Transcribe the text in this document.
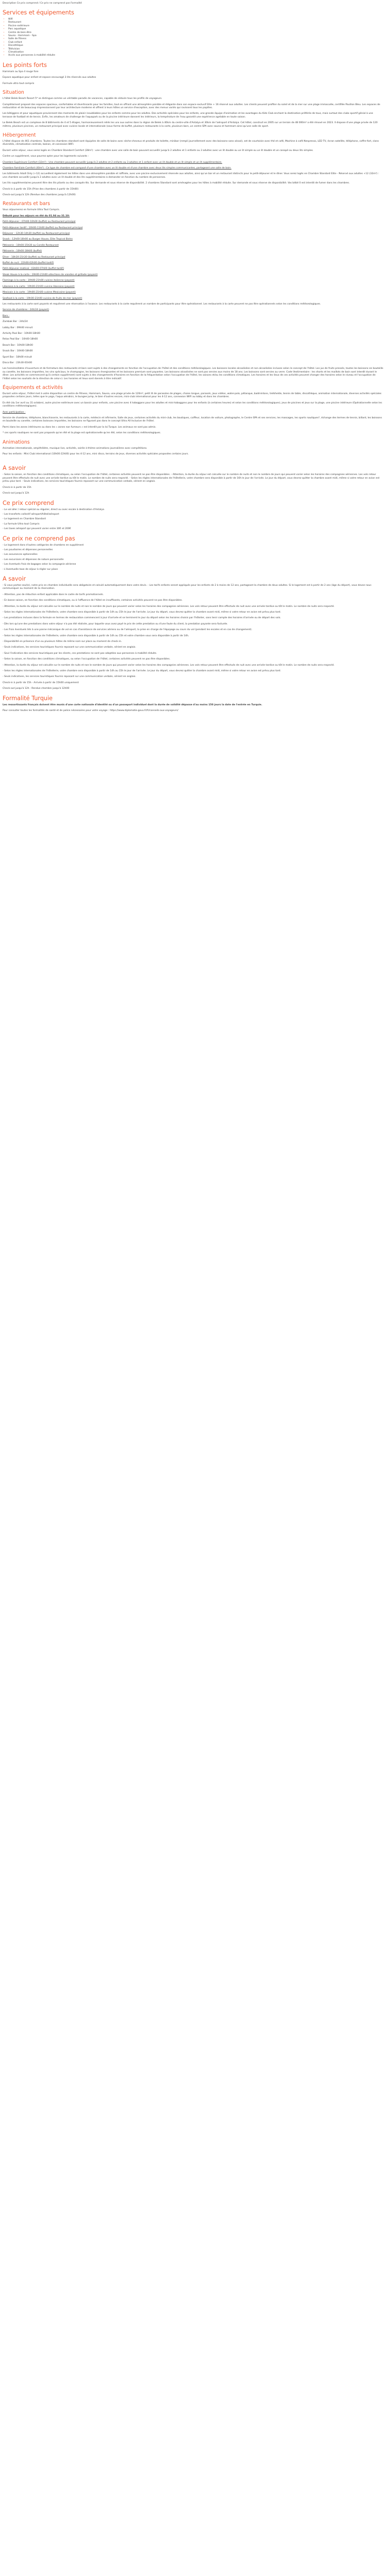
Description Ce prix comprend / Ce prix ne comprend pas Formalité
Services et équipements
• Wifi
• Restaurant
• Piscine extérieure
• Parc aquatique
• Centre de bien-être
• Sauna - Hammam - Spa
• Salle de fitness
• Club enfant
• Discothèque
• Télévision
• Climatisation
• Accès aux personnes à mobilité réduite
Les points forts

Hammam au Spa 4 rouge fore

Espace aquatique pour enfant et espace encouragé 3 lits réservés aux adultes

Formule ultra tout compris

Situation

L'hôtel Belek Beach Resort 5* se distingue comme un véritable paradis de vacances, capable de séduire tous les profils de voyageurs.

Complètement proposé des espaces spacieux, confortables et divertissants pour les familles, tout en offrant une atmosphère paisible et élégante dans son espace exclusif Elite + 16 réservé aux adultes. Les clients peuvent profiter du soleil et de la mer sur une plage immaculée, certifiée Pavillon Bleu. Les espaces de restauration et de beaucoup impressionnent par leur architecture moderne et offrent à leurs hôtes un service d'exception, avec des menus variés qui ravissent tous les papilles.

Les bâtiggens et pour aquatiques proviennent des moments de plaisir inoubliables pour les enfants comme pour les adultes. Des activités spéciales pour les enfants, une grande équipe d'animation et les avantages du Kids Club enchant la destination préférée de tous, mais surtout des clubs sportif génial à une terrasse de football et de tennis. Enfin, les amateurs de challenge de l'aquapark ou de la piscine intérieure dansent les intérieurs, la température de l'eau garantit une expérience agréable en toute saison.

Le Belek Beach est un complexe de 8 bâtiments de 4 et 5 étages, harmonieusement reliés les uns aux autres dans la région de Belek à 40km du centre-ville d'Antalya et 30km de l'aéroport d'Antalya. Cet hôtel, construit en 2005 sur un terrain de 48 000m² a été rénové en 2023. Il dispose d'une plage privée de 120 mètres, plusieurs piscines, un restaurant principal avec cuisine locale et internationale (sous forme de buffet, plusieurs restaurants à la carte, plusieurs bars, un centre SPA avec sauna et hammam ainsi qu'une salle de sport.

Hébergement

L'hôtel dispose de 461 chambres. Toutes les chambres standard sont équipées de salle de bains avec sèche-cheveux et produits de toilette, minibar (rempli journellement avec des boissons sans alcool), set de courtoisie avec thé et café, Machine à café Nespresso, LED TV, écran satellite, téléphone, coffre-fort, clans diversités, climatisation centrale, balcon, et connexion WIFI.

Durant votre séjour, vous serez logés en Chambre Standard Comfort (28m²) : une chambre avec une salle de bain pouvant accueillir jusqu'à 2 adultes et 1 enfants ou 3 adultes avec un lit double ou un lit simple ou un lit double et un canapé ou deux lits simples.

Contre un supplément, vous pourrez opter pour les logements suivants :

Chambre Supérieure Comfort (32m²) : Une chambre pouvant accueillir jusqu'à 2 adultes et 2 enfants ou 3 adultes et 1 enfant avec un lit double et un lit simple et un lit supplémentaire.

Chambre Familiale Comfort (40m²) : Ce type de chambre est composé d'une chambre avec un lit double et d'une chambre avec deux lits simples communicantes, partageant une salle de bain.

Les bâtiments Adult Only (+12) accueillent également les hôtes dans une atmosphère paisible et raffinée, avec une piscine exclusivement réservée aux adultes, ainsi qu'un bar et un restaurant distincts pour le petit-déjeuner et le dîner. Vous serez logés en Chambre Standard Elite - Réservé aux adultes +12 (32m²) : une chambre accueillir jusqu'à 2 adultes avec un lit double et des lits supplémentaires à demander en fonction du nombre de personnes.

Les lits supplémentaires peuvent être des lits pliants ou des canapés-lits. Sur demande et sous réserve de disponibilité. 2 chambres Standard sont aménagées pour les hôtes à mobilité réduite. Sur demande et sous réserve de disponibilité. Vos bébé 0 est interdit de fumer dans les chambres.

Check-in à partir de 15h (Prise des chambres à partir de 15h00)

Check-out jusqu'à 12h (Rendue des chambres jusqu'à 12h00)

Restaurants et bars

Vous séjournerez en formule Ultra Tout Compris.

Débuté pour les séjours en été du 01.04 au 31.10:

Petit-déjeuner : 07h00-10h00 (buffet) au Restaurant principal

Petit-déjeuner tardif : 10h00-11h00 (buffet) au Restaurant principal

Déjeuner : 12h30-14h30 (buffet) au Restaurant principal

Snack : 12h00-16h00 au Burger House, Elite Tropical Bistro

Pâtisserie : 10h00-15h30 au Corelle Restaurant

Pâtisserie : 10h00-18h00 (buffet)

Dîner : 18h30-21h30 (buffet) au Restaurant principal

Buffet de nuit : 22h00-02h00 (buffet tardif)

Petit-déjeuner matinal : 03h00-07h00 (buffet tardif)

Steak House à la carte : 19h00-21h00 sélections de viandes et grillade (payant)

Flamingo à la carte : 19h00-21h00 cuisine italienne (payant)

Libanese à la carte : 19h00-21h00 cuisine libanaise (payant)

Mexicain à la carte : 19h00-21h00 cuisine Mexicaine (payant)

Seafood à la carte : 19h00-21h00 cuisine de fruits de mer (payant)

Les restaurants à la carte sont payants et requièrent une réservation à l'avance. Les restaurants à la carte requièrent un nombre de participants pour être opérationnel. Les restaurants à la carte peuvent ne pas être opérationnels selon les conditions météorologiques.

Service de chambres : 24h/24 (payant)

Bars :

Zambak Bar : 24h/24

Lobby Bar : 09h00 minuit

Activity Pool Bar : 10h00-18h00

Relax Pool Bar : 10h00-18h00

Beach Bar : 10h00-18h00

Snack Bar : 10h00-18h00

Sport Bar : 18h00 minuit

Disco Bar : 23h30-01h00

Les horaires/dates d'ouverture et de fermeture des restaurants et bars sont sujets à des changements en fonction de l'occupation de l'hôtel et des conditions météorologiques. Les boissons locales alcoolisées et non alcoolisées incluses selon le concept de l'hôtel. Les jus de fruits pressés, toutes les boissons en bouteille ou canette, les boissons importées, les vins spéciaux, le champagne, les boissons énergisantes et les boissons premium sont payantes. Les boissons alcoolisées ne sont pas servies aux moins de 18 ans. Les boissons sont servies au verre. Code Vestimentaire : les shorts et les maillots de bain sont interdit durant le dîner. Les activités ne commencent qu'à certain supplément) sont sujets à des changements d'horaires en fonction de la fréquentation selon l'occupation de l'hôtel, les saisons et/ou les conditions climatiques. Les horaires et les lieux de ces activités peuvent changer des horaires selon le niveau et l'occupation de l'hôtel selon les souhaits de la direction de celui-ci. Les horaires et lieux sont donnés à titre indicatif.

Équipements et activités

Durant votre séjour, l'hôtel met à votre disposition un centre de Fitness, Hammam, Sauna, une plage privée de 120m², petit lit de parasoles de plages, chaise longue, parasols, jeux vidéos, water-polo, pétanque, badmintons, trelkhelde, tennis de table, discothèque, animation internationale, diverses activités spéciales proposées certains jours, telles que le yoga, l'aqua aérobics, le bungee jump, le bien d'autres encore, mini-club international pour les 4-12 ans, connexion WIFI au lobby et dans les chambres.

En été (du 1er avril au 31 octobre), autre piscine extérieure avec un bassin pour enfants, une piscine avec 4 toboggans pour les adultes et mini-toboggans pour les enfants (à certaines heures) et selon les conditions météorologiques), jeux de piscines et jeux sur la plage, une piscine intérieure (Opérationnelle selon les conditions météorologiques).

Avec participation :

Service de chambres, téléphone, blanchisserie, les restaurants à la carte, médecin et infirmerie, Salle de jeux, certaines activités du mini-club, les boutiques, coiffeur, location de voiture, photographe, le Centre SPA et ses services, les massages, les sports nautiques*, échange des termes de tennis, billard, les boissons en bouteille ou canette, certaines boissons importées, les boissons ne figurant pas dans le concept Ultra All Inclusive de l'hôtel.

Parmi dans les zones intérieures ou dans les « zones non fumeurs » est interdit par la loi Turque. Les animaux ne sont pas admis.

* ces sports nautiques ne sont pas proposés qu'en été et la plage est opérationnelle qu'en été, selon les conditions météorologiques.

Animations

Animation internationale, ampithéâtre, musique live, activités, soirée à thème animations journalières avec compétitions.

Pour les enfants : Mini Club international (10h00-22h00) pour les 4-12 ans, mini disco, terrains de jeux, diverses activités spéciales proposées certains jours.

A savoir

- Selon la saison, en fonction des conditions climatiques, ou selon l'occupation de l'hôtel, certaines activités peuvent ne pas être disponibles. - Attention, la durée du séjour est calculée sur le nombre de nuits et non le nombre de jours qui peuvent varier selon les horaires des compagnies aériennes. Les vols retour peuvent être effectués de nuit avec une arrivée tardive ou tôt le matin. Le nombre de nuits sera respecté. - Selon les règles internationales de l'hôtellerie, votre chambre sera disponible à partir de 16h le jour de l'arrivée. Le jour du départ, vous devrez quitter la chambre avant midi, même si votre retour en avion est prévu plus tard. - Seuls indicatives, les services touristiques fournis reposant sur une communication verbale, sérient en anglais.

Check-in à partir de 15h

Check-out jusqu'à 12h

Ce prix comprend

- Le vol aller / retour spécial ou régulier, direct ou avec escale à destination d'Antalya

- Les transferts collectif aéroport/hôtel/aéroport

- Le logement en Chambre Standard

- La formule Ultra tout Compris

- Les taxes aéroport qui peuvent varier entre 30€ et 200€

Ce prix ne comprend pas

- Le logement dans d'autres catégories de chambres en supplément

- Les pourboires et dépenses personnelles

- Les assurances optionnelles

- Les excursions et dépenses de nature personnelle

- Les éventuels frais de bagages selon la compagnie aérienne

- L'éventuelle taxe de séjour à régler sur place

A savoir

- Si vous partez seul(e), notre prix en chambre individuelle sera obligatoire et calculé automatiquement dans votre devis. - Les tarifs enfants seront appliqués pour les enfants de 2 à moins de 12 ans, partageant la chambre de deux adultes. Si le logement est à partir de 2 ans (âge du départ), vous devez nous communiquer au moment de la réservation.

- Attention, pas de réduction enfant applicable dans le cadre de tarifs promotionnels.

- En basse saison, en fonction des conditions climatiques, ou à l'affluence de l'hôtel en insuffisants, certaines activités peuvent ne pas être disponibles.

- Attention, la durée du séjour est calculée sur le nombre de nuits et non le nombre de jours qui peuvent varier selon les horaires des compagnies aériennes. Les vols retour peuvent être effectués de nuit avec une arrivée tardive ou tôt le matin. Le nombre de nuits sera respecté.

- Selon les règles internationales de l'hôtellerie, votre chambre sera disponible à partir de 14h au 15h le jour de l'arrivée. Le jour du départ, vous devrez quitter la chambre avant midi, même si votre retour en avion est prévu plus tard.

- Les prestations incluses dans la formule en termes de restauration commencent à jour d'arrivée et se terminent le jour du départ selon les horaires choisis par l'hôtelier, sans tenir compte des horaires d'arrivée ou de départ des vols.

- Dès lors qu'une des prestations dans votre séjour n'a pas été réalisée, pour laquelle vous avez payé le prix de cette prestation ou d'une faute du client, la prestation payante sera facturée.

- Les frais éventuels liés à une panne mécanique de vol en cas d'assistance de services aériens ou de l'aéroport, la prise en charge de l'équipage au cours du vol (pendant les escales et en cas de changement).

- Selon les règles internationales de l'hôtellerie, votre chambre sera disponible à partir de 14h au 15h et votre chambre vous sera disponible à partir de 14h.

- Disponibilité en présence d'un ou plusieurs hôtes de même nom sur place au moment de check-in.

- Seuls indicatives, les services touristiques fournis reposant sur une communication verbale, sérient en anglais.

- Seul l'indicative des services touristiques par les clients, ces prestations ne sont pas adaptées aux personnes à mobilité réduite.

- Selon la saison, en fonction des conditions climatiques, ou selon l'occupation de l'hôtel, certaines activités peuvent ne pas être disponibles.

- Attention, la durée du séjour est calculée sur le nombre de nuits et non le nombre de jours qui peuvent varier selon les horaires des compagnies aériennes. Les vols retour peuvent être effectués de nuit avec une arrivée tardive ou tôt le matin. Le nombre de nuits sera respecté.

- Selon les règles internationales de l'hôtellerie, votre chambre sera disponible à partir de 14h au 15h le jour de l'arrivée. Le jour du départ, vous devrez quitter la chambre avant midi, même si votre retour en avion est prévu plus tard.

- Seuls indicatives, les services touristiques fournis reposant sur une communication verbale, sérient en anglais.

Check-in à partir de 15h - Arrivée à partir de 15h00 uniquement

Check-out jusqu'à 12h - Rendue chambre jusqu'à 12h00

Formalité Turquie

Les ressortissants français doivent être munis d'une carte nationale d'identité ou d'un passeport individuel dont la durée de validité dépasse d'au moins 150 jours la date de l'entrée en Turquie.

Pour consulter toutes les formalités de santé et de police nécessaires pour votre voyage : https://www.diplomatie.gouv.fr/fr/conseils-aux-voyageurs/
